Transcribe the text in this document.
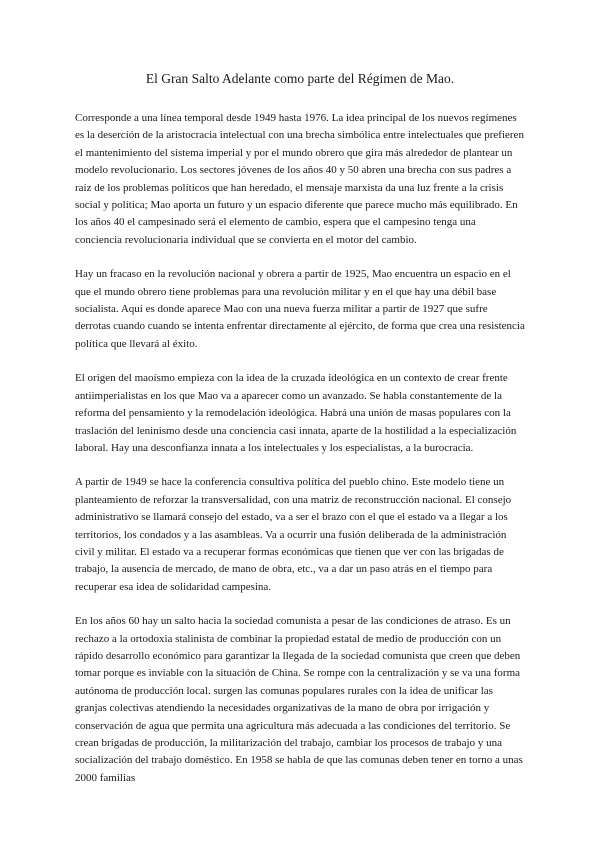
El Gran Salto Adelante como parte del Régimen de Mao.

Corresponde a una línea temporal desde 1949 hasta 1976. La idea principal de los nuevos regímenes es la deserción de la aristocracia intelectual con una brecha simbólica entre intelectuales que prefieren el mantenimiento del sistema imperial y por el mundo obrero que gira más alrededor de plantear un modelo revolucionario. Los sectores jóvenes de los años 40 y 50 abren una brecha con sus padres a raíz de los problemas políticos que han heredado, el mensaje marxista da una luz frente a la crisis social y política; Mao aporta un futuro y un espacio diferente que parece mucho más equilibrado. En los años 40 el campesinado será el elemento de cambio, espera que el campesino tenga una conciencia revolucionaria individual que se convierta en el motor del cambio.

Hay un fracaso en la revolución nacional y obrera a partir de 1925, Mao encuentra un espacio en el que el mundo obrero tiene problemas para una revolución militar y en el que hay una débil base socialista. Aquí es donde aparece Mao con una nueva fuerza militar a partir de 1927 que sufre derrotas cuando cuando se intenta enfrentar directamente al ejército, de forma que crea una resistencia política que llevará al éxito.

El origen del maoísmo empieza con la idea de la cruzada ideológica en un contexto de crear frente antiimperialistas en los que Mao va a aparecer como un avanzado. Se habla constantemente de la reforma del pensamiento y la remodelación ideológica. Habrá una unión de masas populares con la traslación del leninismo desde una conciencia casi innata, aparte de la hostilidad a la especialización laboral. Hay una desconfianza innata a los intelectuales y los especialistas, a la burocracia.

A partir de 1949 se hace la conferencia consultiva política del pueblo chino. Este modelo tiene un planteamiento de reforzar la transversalidad, con una matriz de reconstrucción nacional. El consejo administrativo se llamará consejo del estado, va a ser el brazo con el que el estado va a llegar a los territorios, los condados y a las asambleas. Va a ocurrir una fusión deliberada de la administración civil y militar. El estado va a recuperar formas económicas que tienen que ver con las brigadas de trabajo, la ausencia de mercado, de mano de obra, etc., va a dar un paso atrás en el tiempo para recuperar esa idea de solidaridad campesina.

En los años 60 hay un salto hacia la sociedad comunista a pesar de las condiciones de atraso. Es un rechazo a la ortodoxia stalinista de combinar la propiedad estatal de medio de producción con un rápido desarrollo económico para garantizar la llegada de la sociedad comunista que creen que deben tomar porque es inviable con la situación de China. Se rompe con la centralización y se va una forma autónoma de producción local. surgen las comunas populares rurales con la idea de unificar las granjas colectivas atendiendo la necesidades organizativas de la mano de obra por irrigación y conservación de agua que permita una agricultura más adecuada a las condiciones del territorio. Se crean brigadas de producción, la militarización del trabajo, cambiar los procesos de trabajo y una socialización del trabajo doméstico. En 1958 se habla de que las comunas deben tener en torno a unas 2000 familias
